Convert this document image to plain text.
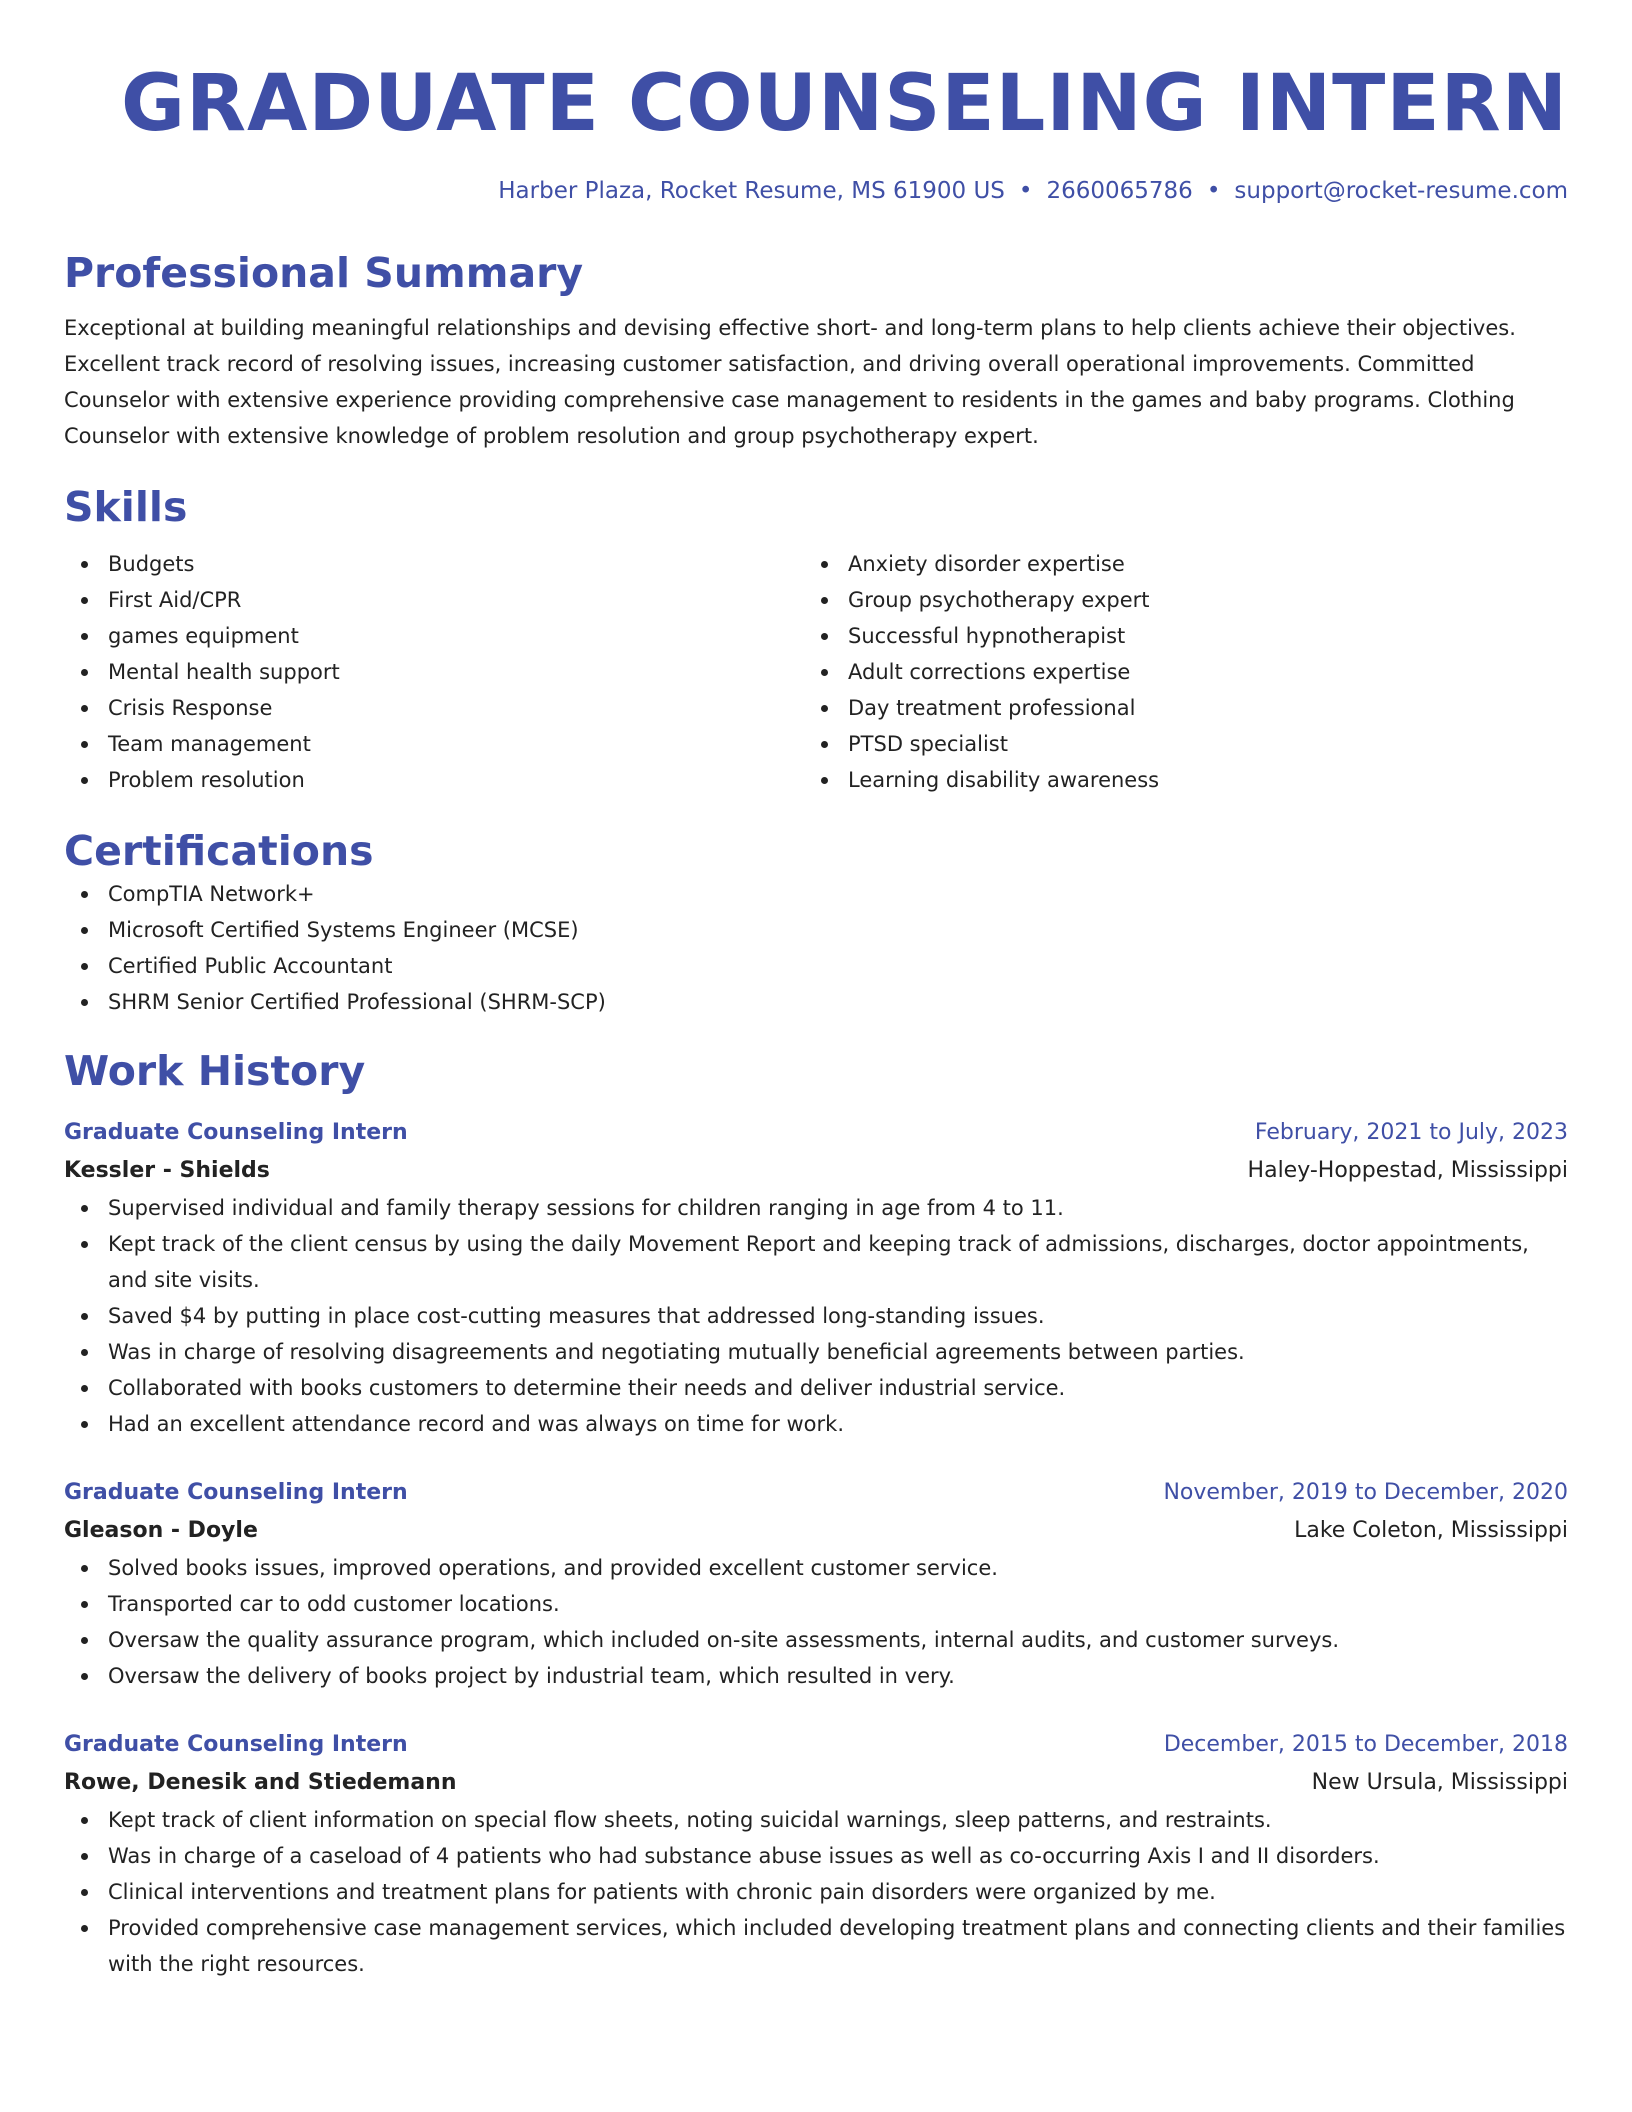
GRADUATE COUNSELING INTERN
Harber Plaza, Rocket Resume, MS 61900 US • 2660065786 • support@rocket-resume.com
Professional Summary
Exceptional at building meaningful relationships and devising effective short- and long-term plans to help clients achieve their objectives. Excellent track record of resolving issues, increasing customer satisfaction, and driving overall operational improvements. Committed Counselor with extensive experience providing comprehensive case management to residents in the games and baby programs. Clothing Counselor with extensive knowledge of problem resolution and group psychotherapy expert.
Skills
Budgets
First Aid/CPR
games equipment
Mental health support
Crisis Response
Team management
Problem resolution
Anxiety disorder expertise
Group psychotherapy expert
Successful hypnotherapist
Adult corrections expertise
Day treatment professional
PTSD specialist
Learning disability awareness
Certifications
CompTIA Network+
Microsoft Certified Systems Engineer (MCSE)
Certified Public Accountant
SHRM Senior Certified Professional (SHRM-SCP)
Work History
Graduate Counseling Intern	February, 2021 to July, 2023
Kessler - Shields	Haley-Hoppestad, Mississippi
Supervised individual and family therapy sessions for children ranging in age from 4 to 11.
Kept track of the client census by using the daily Movement Report and keeping track of admissions, discharges, doctor appointments, and site visits.
Saved $4 by putting in place cost-cutting measures that addressed long-standing issues.
Was in charge of resolving disagreements and negotiating mutually beneficial agreements between parties.
Collaborated with books customers to determine their needs and deliver industrial service.
Had an excellent attendance record and was always on time for work.
Graduate Counseling Intern	November, 2019 to December, 2020
Gleason - Doyle	Lake Coleton, Mississippi
Solved books issues, improved operations, and provided excellent customer service.
Transported car to odd customer locations.
Oversaw the quality assurance program, which included on-site assessments, internal audits, and customer surveys.
Oversaw the delivery of books project by industrial team, which resulted in very.
Graduate Counseling Intern	December, 2015 to December, 2018
Rowe, Denesik and Stiedemann	New Ursula, Mississippi
Kept track of client information on special flow sheets, noting suicidal warnings, sleep patterns, and restraints.
Was in charge of a caseload of 4 patients who had substance abuse issues as well as co-occurring Axis I and II disorders.
Clinical interventions and treatment plans for patients with chronic pain disorders were organized by me.
Provided comprehensive case management services, which included developing treatment plans and connecting clients and their families with the right resources.
